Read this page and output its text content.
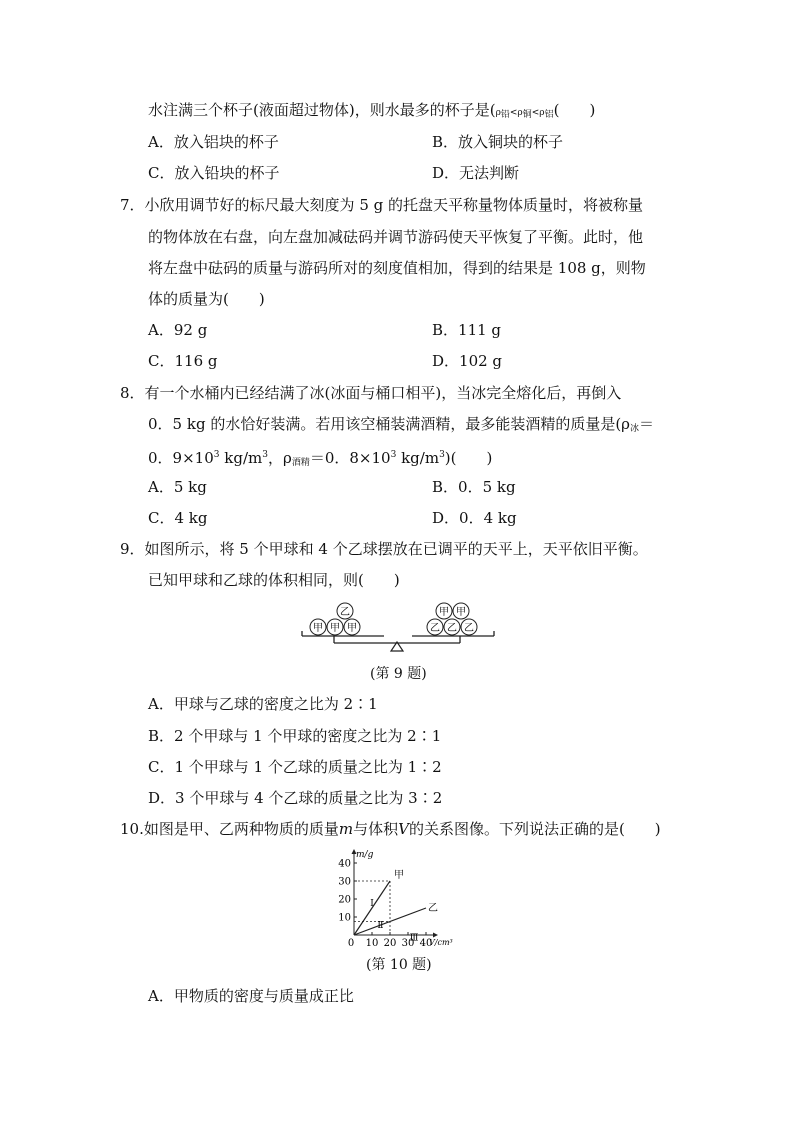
水注满三个杯子(液面超过物体)，则水最多的杯子是(ρ铅<ρ铜<ρ铝(　　)
A．放入铝块的杯子	B．放入铜块的杯子
C．放入铅块的杯子	D．无法判断
7．小欣用调节好的标尺最大刻度为 5 g 的托盘天平称量物体质量时，将被称量
的物体放在右盘，向左盘加减砝码并调节游码使天平恢复了平衡。此时，他
将左盘中砝码的质量与游码所对的刻度值相加，得到的结果是 108 g，则物
体的质量为(　　)
A．92 g	B．111 g
C．116 g	D．102 g
8．有一个水桶内已经结满了冰(冰面与桶口相平)，当冰完全熔化后，再倒入
0．5 kg 的水恰好装满。若用该空桶装满酒精，最多能装酒精的质量是($\rho_冰=$
0．$9\times 10^3$ $kg/m^3$，$\rho_{酒精}=0$．$8\times 10^3$ $kg/m^3$)(　　)
A．5 kg	B．0．5 kg
C．4 kg	D．0．4 kg
9．如图所示，将 5 个甲球和 4 个乙球摆放在已调平的天平上，天平依旧平衡。
已知甲球和乙球的体积相同，则(　　)
甲 甲 甲
乙
乙 乙 乙
甲 甲
(第 9 题)
A．甲球与乙球的密度之比为 2∶1
B．2 个甲球与 1 个甲球的密度之比为 2∶1
C．1 个甲球与 1 个乙球的质量之比为 1∶2
D．3 个甲球与 4 个乙球的质量之比为 3∶2
10.如图是甲、乙两种物质的质量m与体积V的关系图像。下列说法正确的是(　　)
10
20
30
40
0 10 20 30 40
m/g
V/cm³
甲
乙
Ⅰ
Ⅱ
Ⅲ
(第 10 题)
A．甲物质的密度与质量成正比
